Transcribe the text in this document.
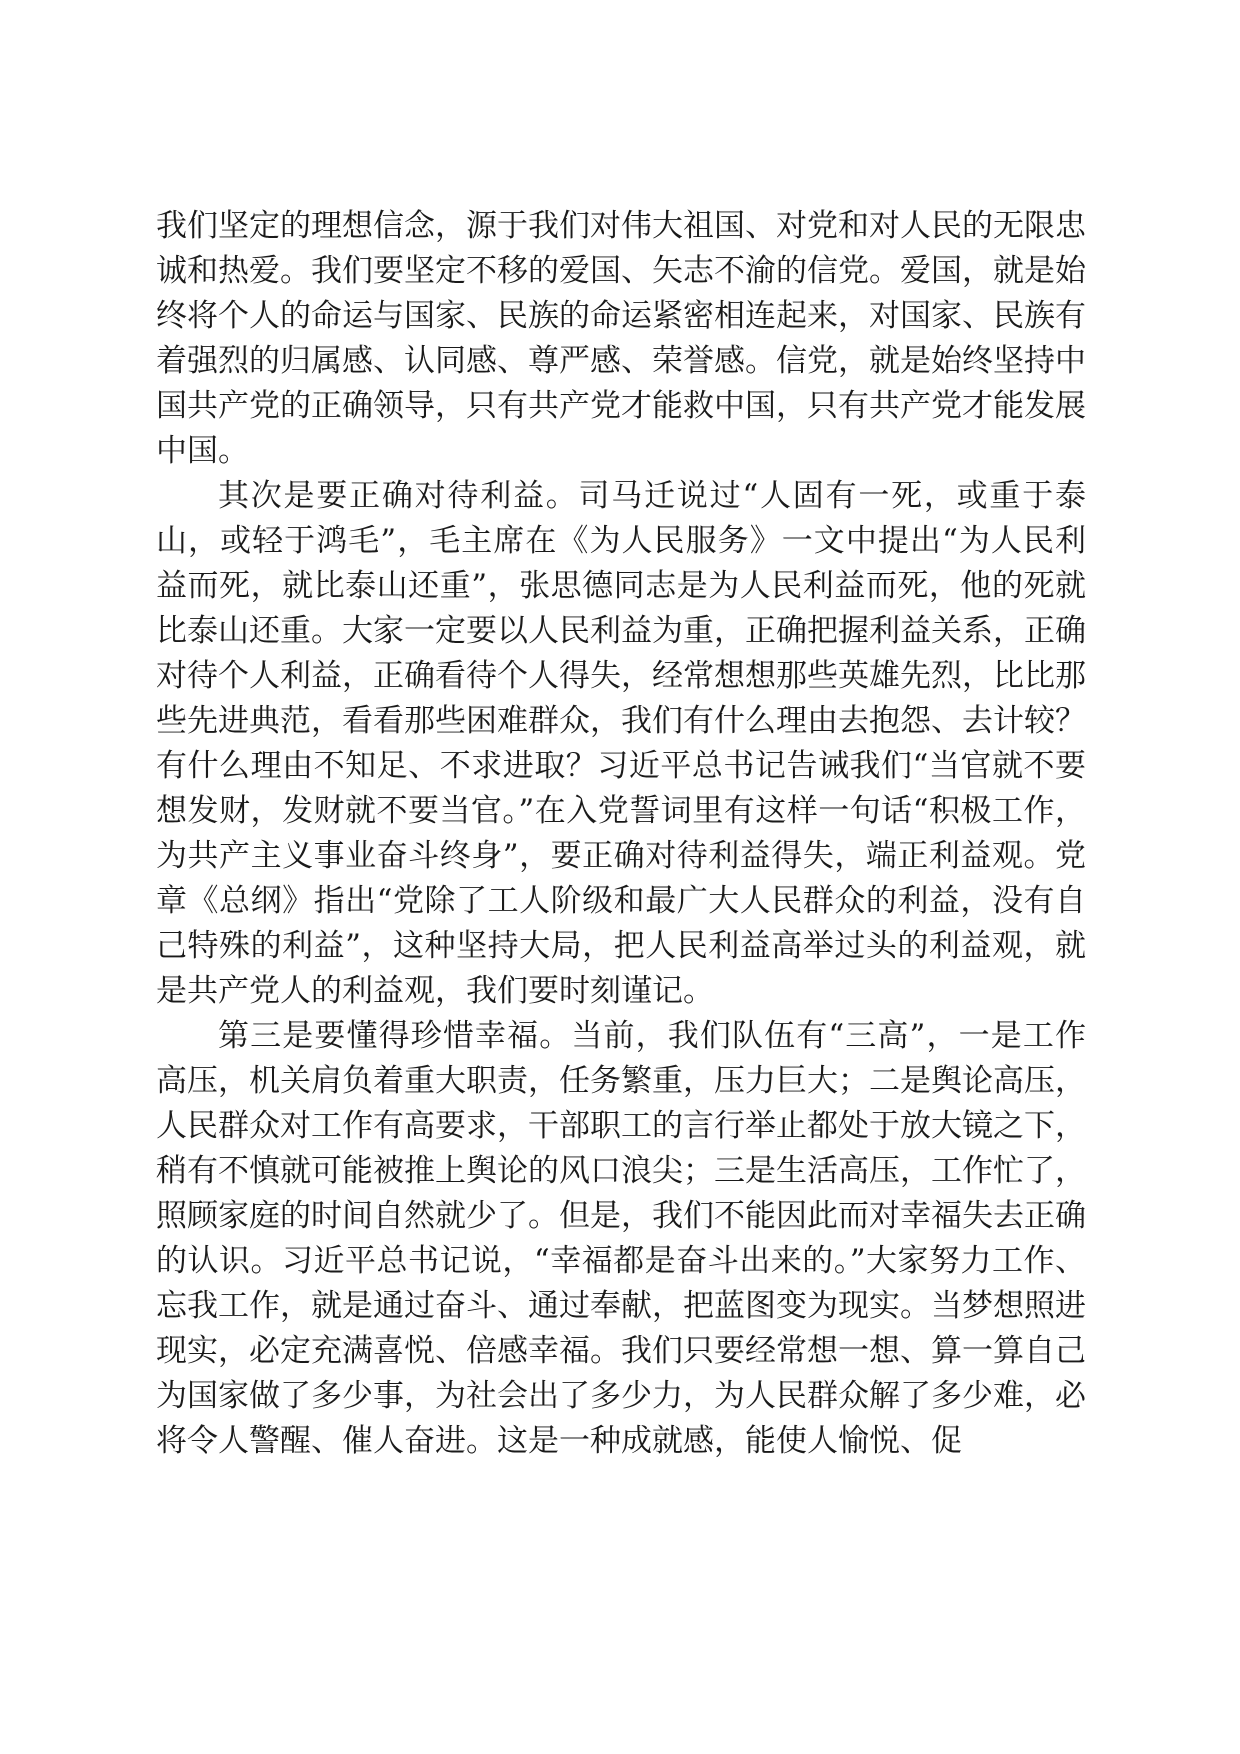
我们坚定的理想信念，源于我们对伟大祖国、对党和对人民的无限忠诚和热爱。我们要坚定不移的爱国、矢志不渝的信党。爱国，就是始终将个人的命运与国家、民族的命运紧密相连起来，对国家、民族有着强烈的归属感、认同感、尊严感、荣誉感。信党，就是始终坚持中国共产党的正确领导，只有共产党才能救中国，只有共产党才能发展中国。

其次是要正确对待利益。司马迁说过“人固有一死，或重于泰山，或轻于鸿毛”，毛主席在《为人民服务》一文中提出“为人民利益而死，就比泰山还重”，张思德同志是为人民利益而死，他的死就比泰山还重。大家一定要以人民利益为重，正确把握利益关系，正确对待个人利益，正确看待个人得失，经常想想那些英雄先烈，比比那些先进典范，看看那些困难群众，我们有什么理由去抱怨、去计较？有什么理由不知足、不求进取？习近平总书记告诫我们“当官就不要想发财，发财就不要当官。”在入党誓词里有这样一句话“积极工作，为共产主义事业奋斗终身”，要正确对待利益得失，端正利益观。党章《总纲》指出“党除了工人阶级和最广大人民群众的利益，没有自己特殊的利益”，这种坚持大局，把人民利益高举过头的利益观，就是共产党人的利益观，我们要时刻谨记。

第三是要懂得珍惜幸福。当前，我们队伍有“三高”，一是工作高压，机关肩负着重大职责，任务繁重，压力巨大；二是舆论高压，人民群众对工作有高要求，干部职工的言行举止都处于放大镜之下，稍有不慎就可能被推上舆论的风口浪尖；三是生活高压，工作忙了，照顾家庭的时间自然就少了。但是，我们不能因此而对幸福失去正确的认识。习近平总书记说，“幸福都是奋斗出来的。”大家努力工作、忘我工作，就是通过奋斗、通过奉献，把蓝图变为现实。当梦想照进现实，必定充满喜悦、倍感幸福。我们只要经常想一想、算一算自己为国家做了多少事，为社会出了多少力，为人民群众解了多少难，必将令人警醒、催人奋进。这是一种成就感，能使人愉悦、促
